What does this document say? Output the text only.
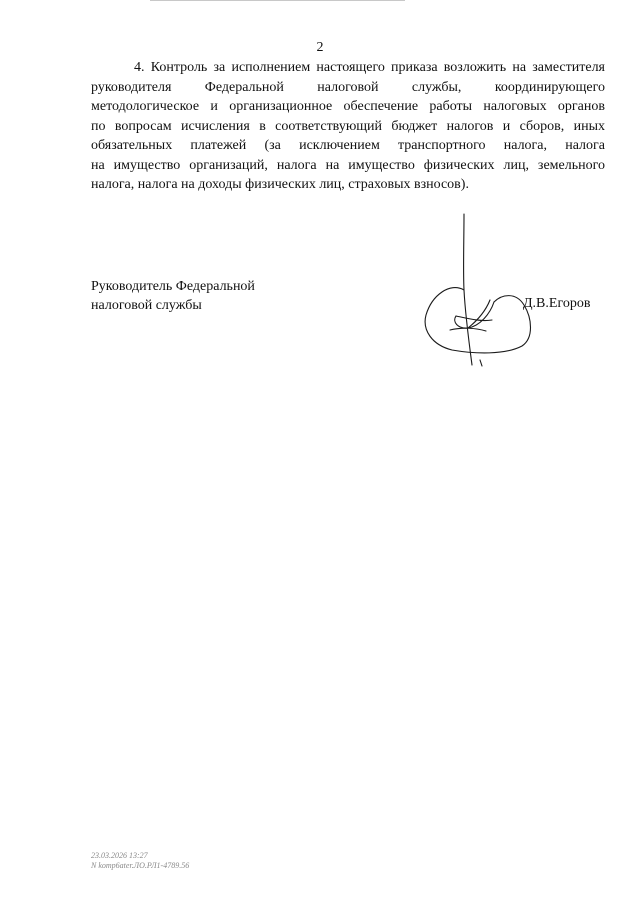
2
4. Контроль за исполнением настоящего приказа возложить на заместителя
руководителя Федеральной налоговой службы, координирующего
методологическое и организационное обеспечение работы налоговых органов
по вопросам исчисления в соответствующий бюджет налогов и сборов, иных
обязательных платежей (за исключением транспортного налога, налога
на имущество организаций, налога на имущество физических лиц, земельного
налога, налога на доходы физических лиц, страховых взносов).
Руководитель Федеральной
налоговой службы	Д.В.Егоров
23.03.2026 13:27
N komp6ater.ЛО.РЛ1-4789.56
